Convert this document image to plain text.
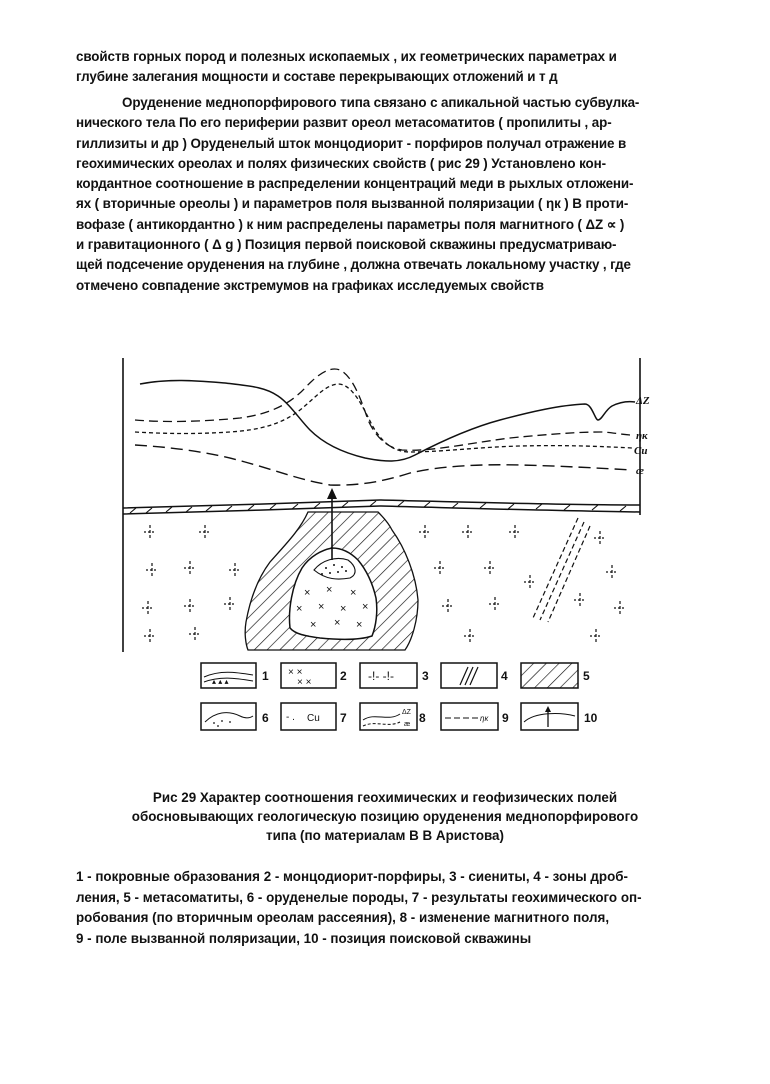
свойств горных пород и полезных ископаемых , их геометрических параметрах и
глубине залегания мощности и составе перекрывающих отложений и т д
Оруденение меднопорфирового типа связано с апикальной частью субвулка-
нического тела По его периферии развит ореол метасоматитов ( пропилиты , ар-
гиллизиты и др ) Оруденелый шток монцодиорит - порфиров получал отражение в
геохимических ореолах и полях физических свойств ( рис 29 ) Установлено кон-
кордантное соотношение в распределении концентраций меди в рыхлых отложени-
ях ( вторичные ореолы ) и параметров поля вызванной поляризации ( ηк ) В проти-
вофазе ( антикордантно ) к ним распределены параметры поля магнитного ( ΔZ ∝ )
и гравитационного ( Δ g ) Позиция первой поисковой скважины предусматриваю-
щей подсечение оруденения на глубине , должна отвечать локальному участку , где
отмечено совпадение экстремумов на графиках исследуемых свойств
ΔZ
ηк
Cu
æ
× × ×
× × × ×
× × ×
▴ ▴ ▴	1 × ×
× × 2 -!- -!- 3	4	5
6 - . Cu 7	ΔZ
æ 8	ηк 9	10
Рис 29 Характер соотношения геохимических и геофизических полей
обосновывающих геологическую позицию оруденения меднопорфирового
типа (по материалам В В Аристова)
1 - покровные образования 2 - монцодиорит-порфиры, 3 - сиениты, 4 - зоны дроб-
ления, 5 - метасоматиты, 6 - оруденелые породы, 7 - результаты геохимического оп-
робования (по вторичным ореолам рассеяния), 8 - изменение магнитного поля,
9 - поле вызванной поляризации, 10 - позиция поисковой скважины
